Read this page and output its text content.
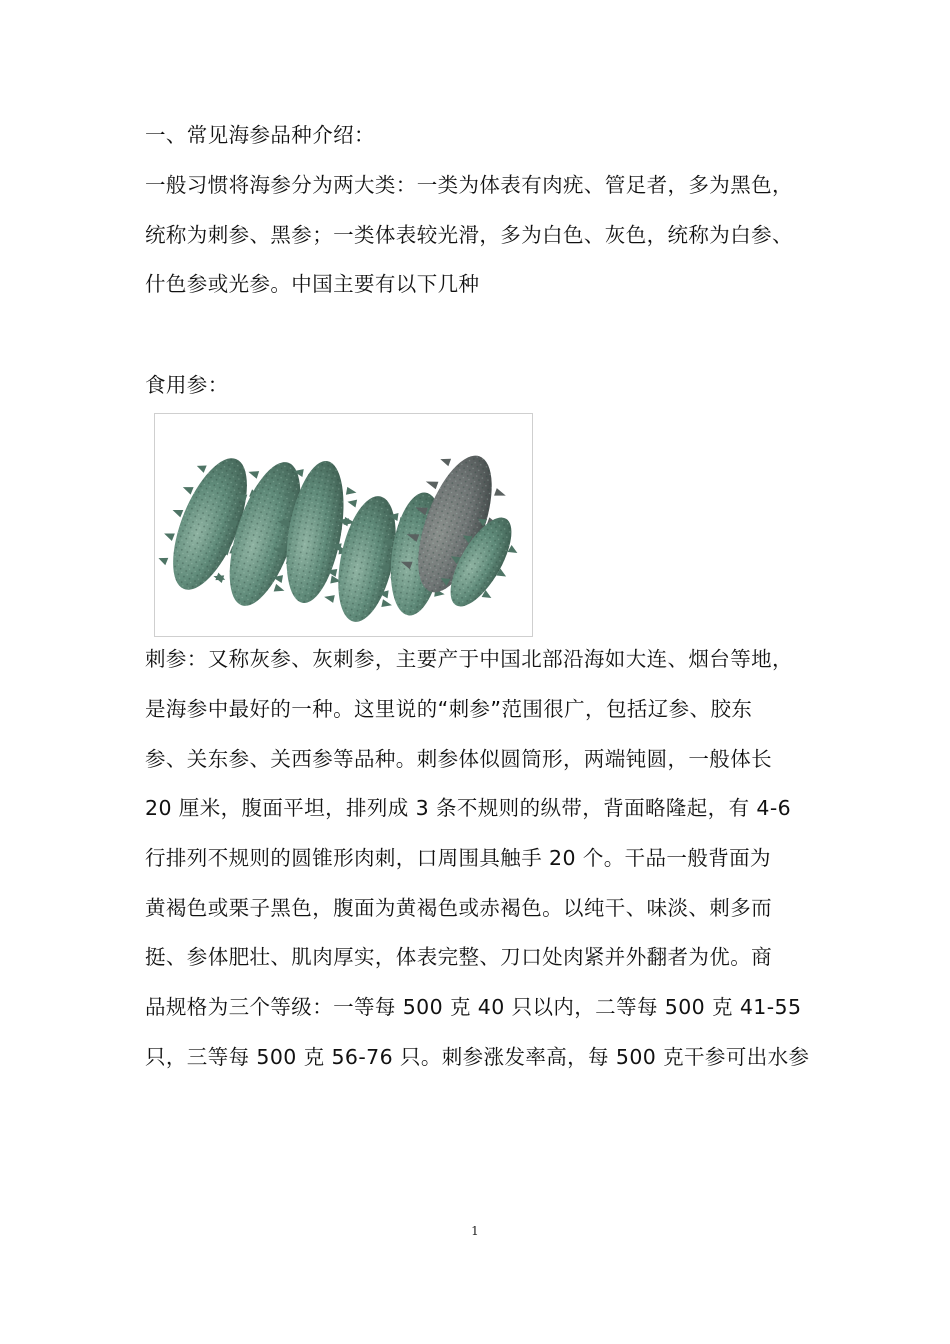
一、常见海参品种介绍：
一般习惯将海参分为两大类：一类为体表有肉疣、管足者，多为黑色，
统称为刺参、黑参；一类体表较光滑，多为白色、灰色，统称为白参、
什色参或光参。中国主要有以下几种
食用参：
刺参：又称灰参、灰刺参，主要产于中国北部沿海如大连、烟台等地，
是海参中最好的一种。这里说的“刺参”范围很广，包括辽参、胶东
参、关东参、关西参等品种。刺参体似圆筒形，两端钝圆，一般体长
20 厘米，腹面平坦，排列成 3 条不规则的纵带，背面略隆起，有 4-6
行排列不规则的圆锥形肉刺，口周围具触手 20 个。干品一般背面为
黄褐色或栗子黑色，腹面为黄褐色或赤褐色。以纯干、味淡、刺多而
挺、参体肥壮、肌肉厚实，体表完整、刀口处肉紧并外翻者为优。商
品规格为三个等级：一等每 500 克 40 只以内，二等每 500 克 41-55
只，三等每 500 克 56-76 只。刺参涨发率高，每 500 克干参可出水参
1
